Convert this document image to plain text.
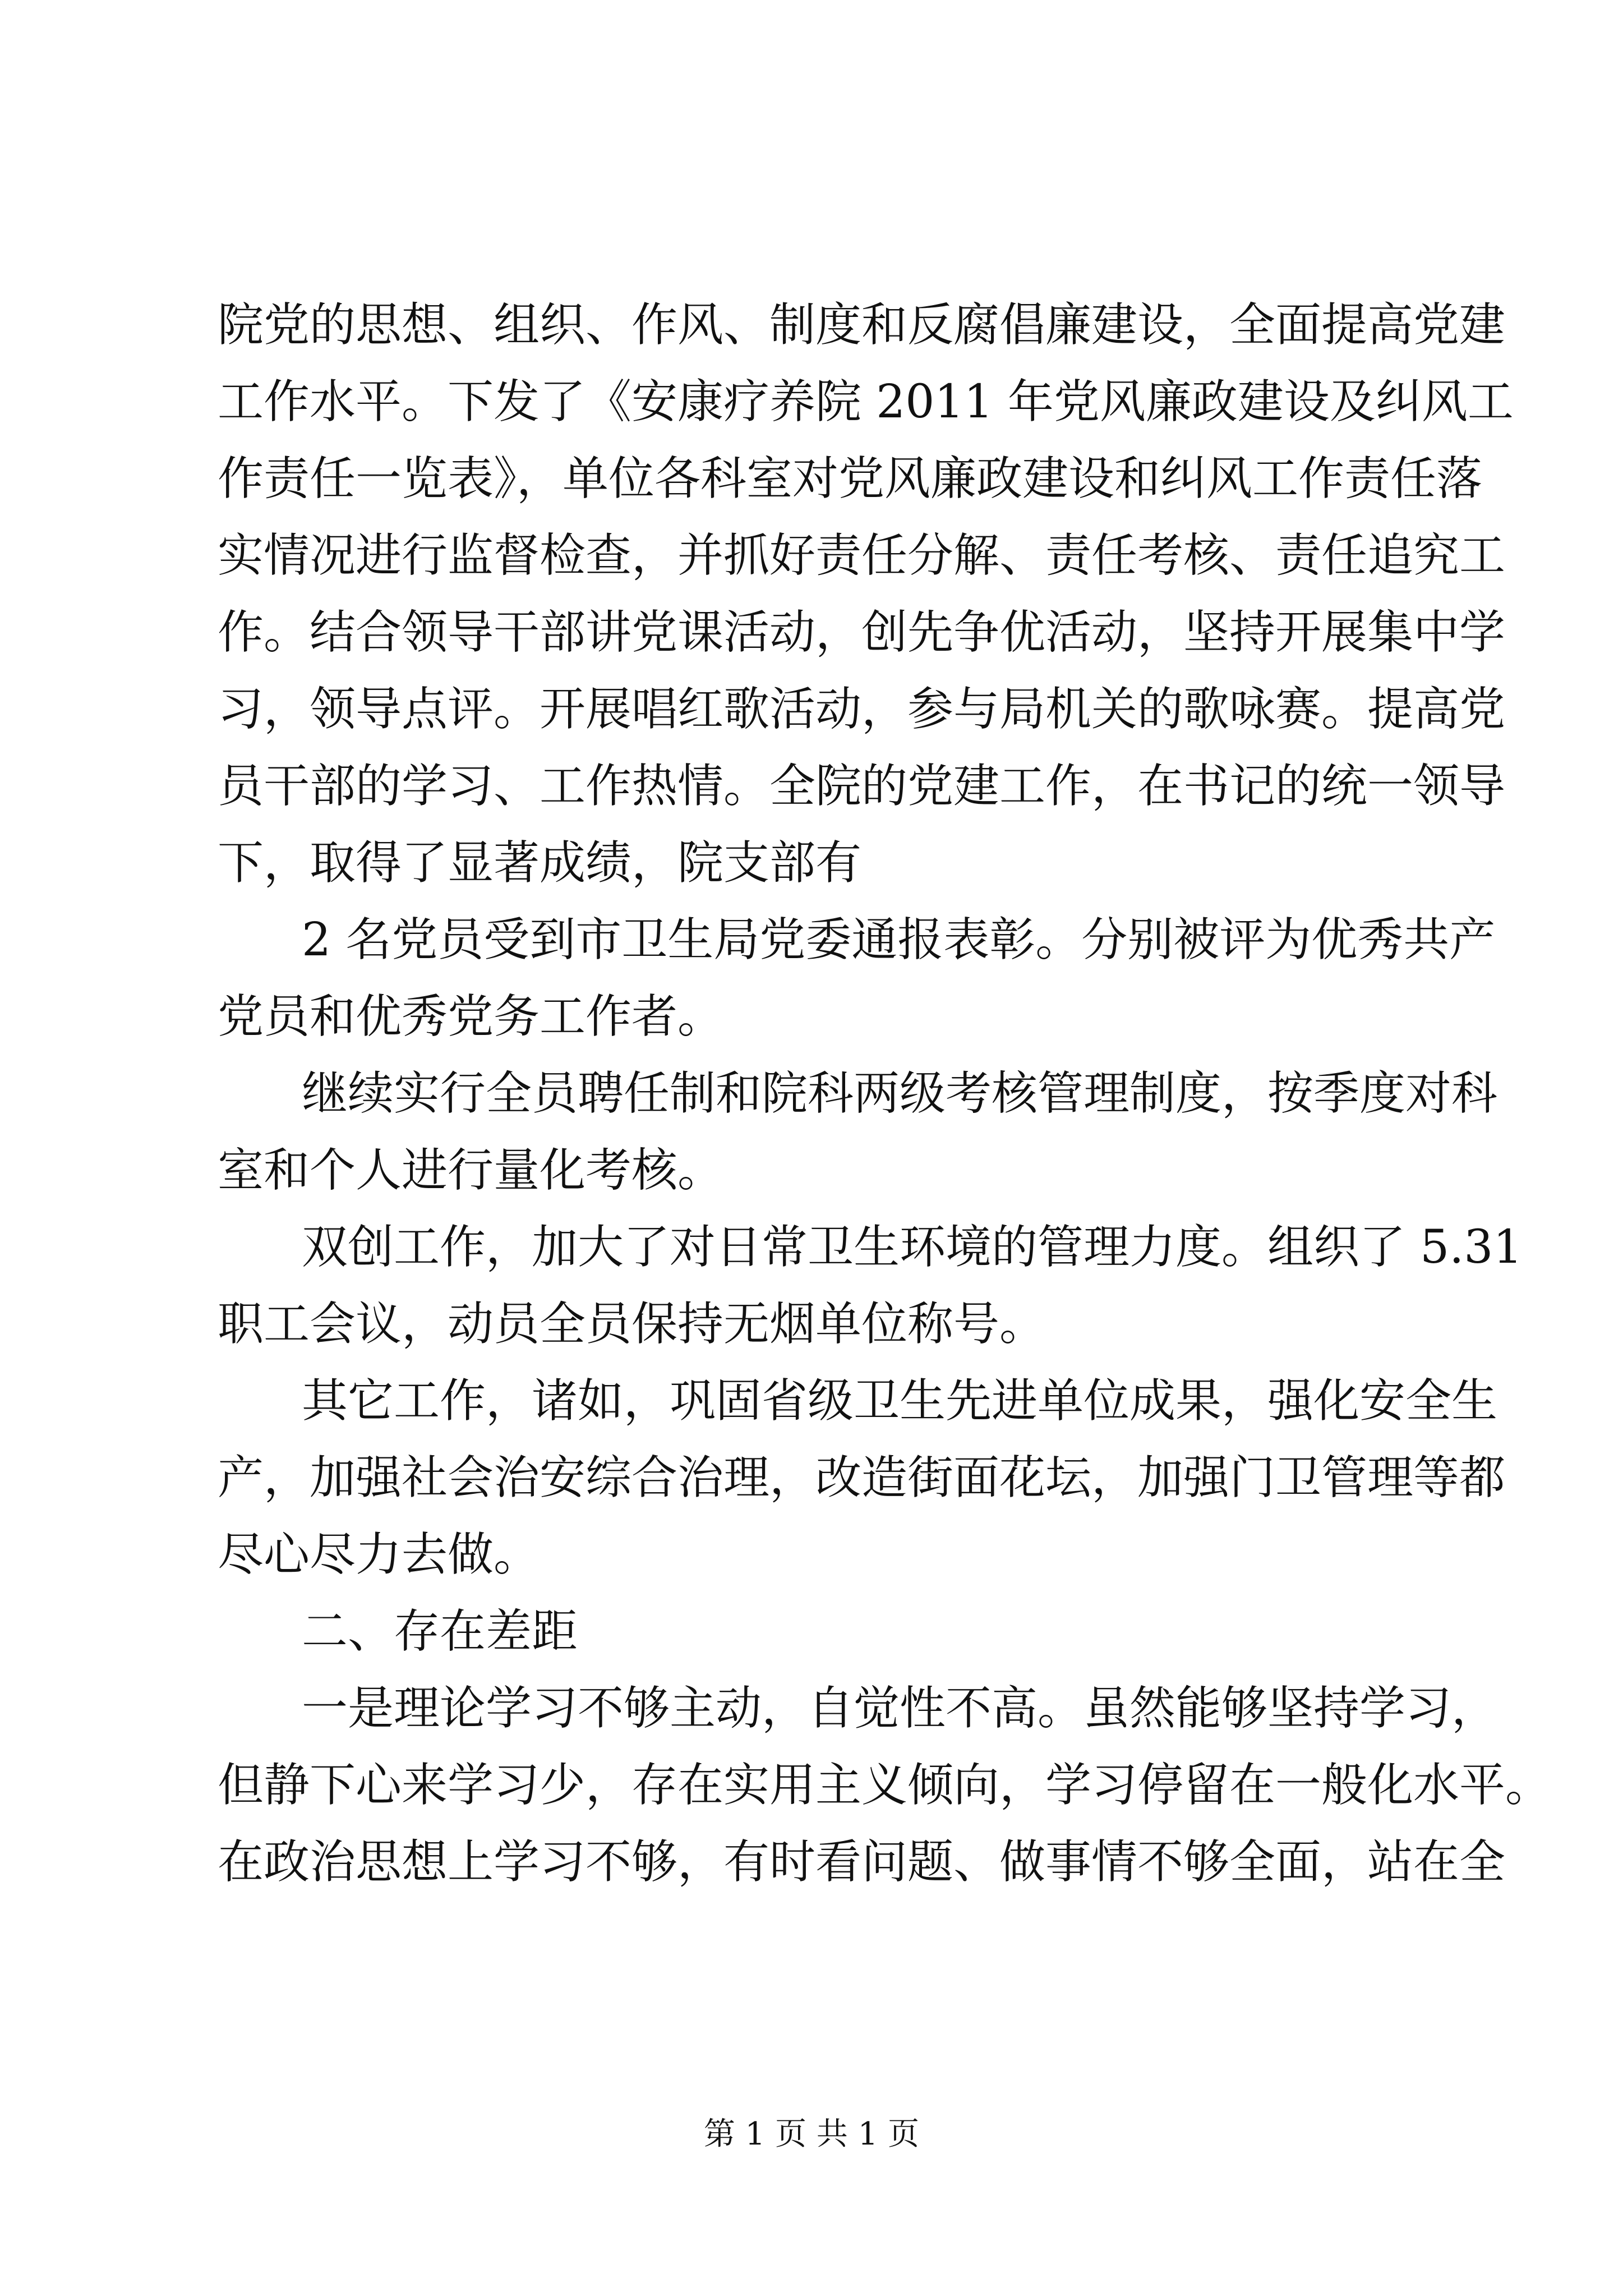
院党的思想、组织、作风、制度和反腐倡廉建设，全面提高党建
工作水平。下发了《安康疗养院 2011 年党风廉政建设及纠风工
作责任一览表》，单位各科室对党风廉政建设和纠风工作责任落
实情况进行监督检查，并抓好责任分解、责任考核、责任追究工
作。结合领导干部讲党课活动，创先争优活动，坚持开展集中学
习，领导点评。开展唱红歌活动，参与局机关的歌咏赛。提高党
员干部的学习、工作热情。全院的党建工作，在书记的统一领导
下，取得了显著成绩，院支部有
2 名党员受到市卫生局党委通报表彰。分别被评为优秀共产
党员和优秀党务工作者。
继续实行全员聘任制和院科两级考核管理制度，按季度对科
室和个人进行量化考核。
双创工作，加大了对日常卫生环境的管理力度。组织了 5.31
职工会议，动员全员保持无烟单位称号。
其它工作，诸如，巩固省级卫生先进单位成果，强化安全生
产，加强社会治安综合治理，改造街面花坛，加强门卫管理等都
尽心尽力去做。
二、存在差距
一是理论学习不够主动，自觉性不高。虽然能够坚持学习，
但静下心来学习少，存在实用主义倾向，学习停留在一般化水平。
在政治思想上学习不够，有时看问题、做事情不够全面，站在全
第 1 页 共 1 页
